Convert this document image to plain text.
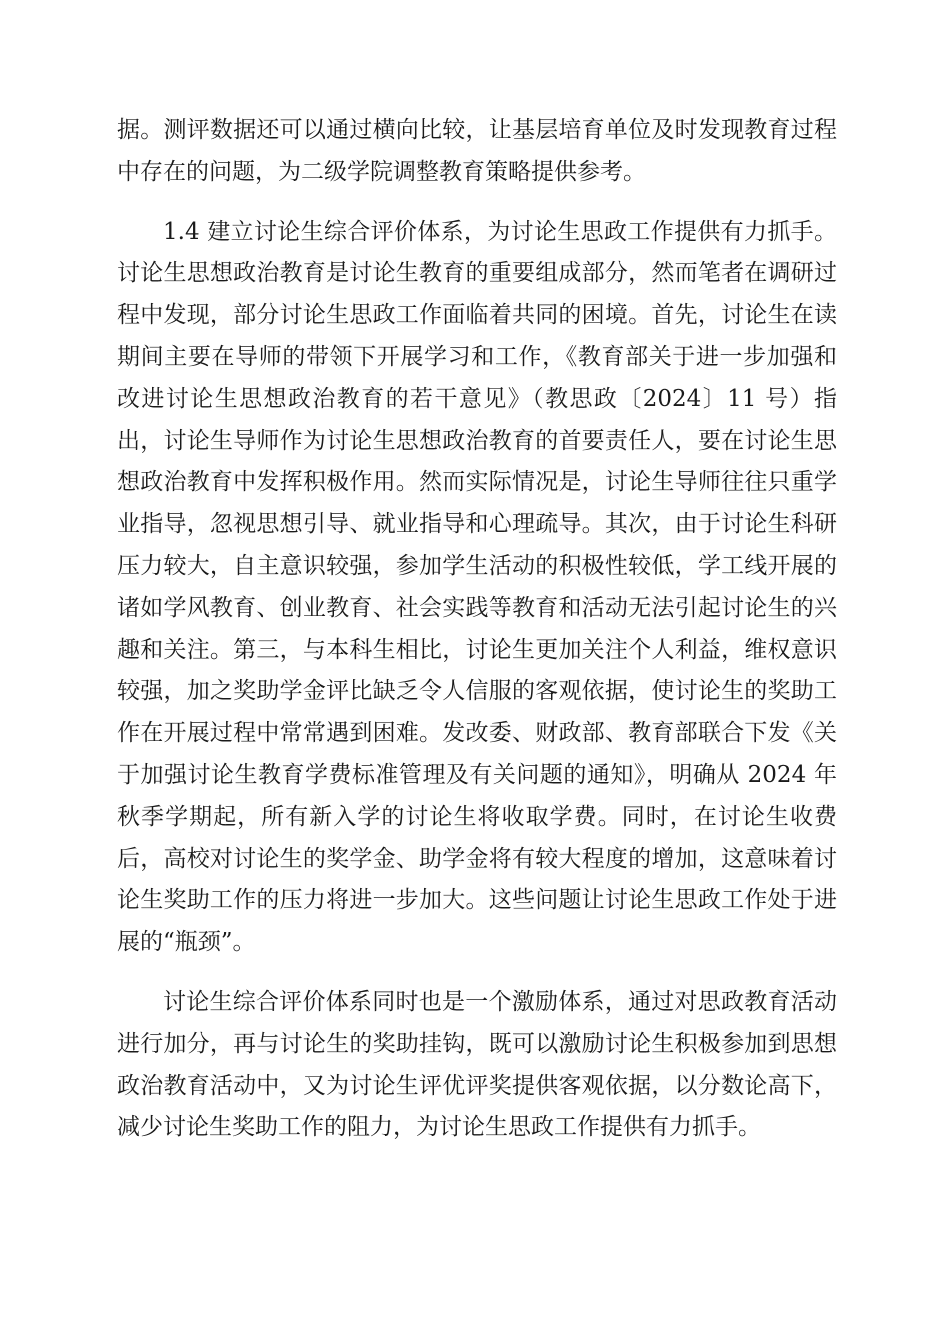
据。测评数据还可以通过横向比较，让基层培育单位及时发现教育过程中存在的问题，为二级学院调整教育策略提供参考。

1.4 建立讨论生综合评价体系，为讨论生思政工作提供有力抓手。讨论生思想政治教育是讨论生教育的重要组成部分，然而笔者在调研过程中发现，部分讨论生思政工作面临着共同的困境。首先，讨论生在读期间主要在导师的带领下开展学习和工作，《教育部关于进一步加强和改进讨论生思想政治教育的若干意见》（教思政〔2024〕11 号）指出，讨论生导师作为讨论生思想政治教育的首要责任人，要在讨论生思想政治教育中发挥积极作用。然而实际情况是，讨论生导师往往只重学业指导，忽视思想引导、就业指导和心理疏导。其次，由于讨论生科研压力较大，自主意识较强，参加学生活动的积极性较低，学工线开展的诸如学风教育、创业教育、社会实践等教育和活动无法引起讨论生的兴趣和关注。第三，与本科生相比，讨论生更加关注个人利益，维权意识较强，加之奖助学金评比缺乏令人信服的客观依据，使讨论生的奖助工作在开展过程中常常遇到困难。发改委、财政部、教育部联合下发《关于加强讨论生教育学费标准管理及有关问题的通知》，明确从 2024 年秋季学期起，所有新入学的讨论生将收取学费。同时，在讨论生收费后，高校对讨论生的奖学金、助学金将有较大程度的增加，这意味着讨论生奖助工作的压力将进一步加大。这些问题让讨论生思政工作处于进展的“瓶颈”。

讨论生综合评价体系同时也是一个激励体系，通过对思政教育活动进行加分，再与讨论生的奖助挂钩，既可以激励讨论生积极参加到思想政治教育活动中，又为讨论生评优评奖提供客观依据，以分数论高下，减少讨论生奖助工作的阻力，为讨论生思政工作提供有力抓手。
